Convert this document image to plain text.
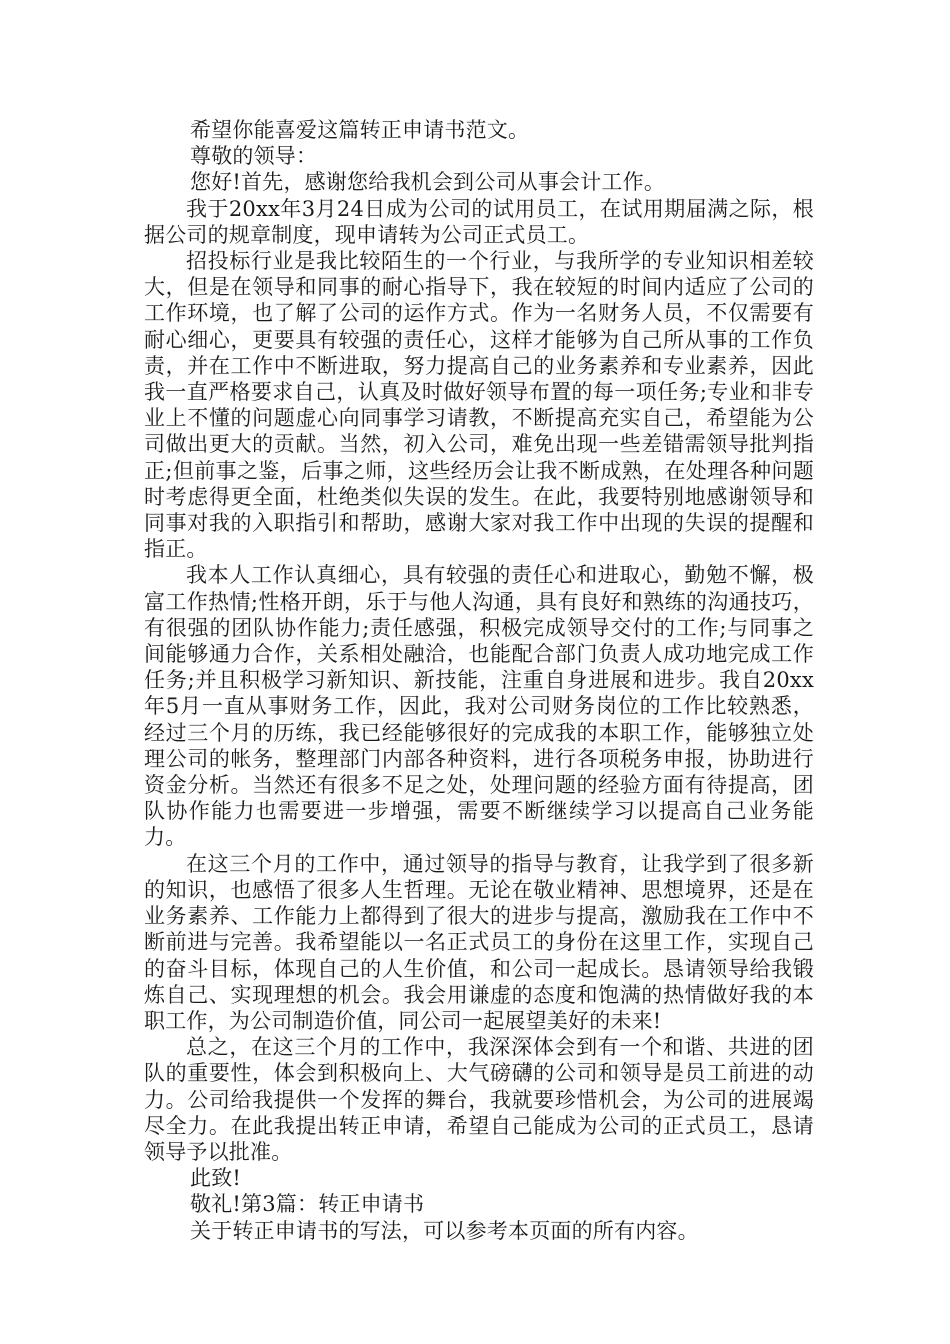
希望你能喜爱这篇转正申请书范文。

尊敬的领导：

您好!首先，感谢您给我机会到公司从事会计工作。

我于20xx年3月24日成为公司的试用员工，在试用期届满之际，根据公司的规章制度，现申请转为公司正式员工。

招投标行业是我比较陌生的一个行业，与我所学的专业知识相差较大，但是在领导和同事的耐心指导下，我在较短的时间内适应了公司的工作环境，也了解了公司的运作方式。作为一名财务人员，不仅需要有耐心细心，更要具有较强的责任心，这样才能够为自己所从事的工作负责，并在工作中不断进取，努力提高自己的业务素养和专业素养，因此我一直严格要求自己，认真及时做好领导布置的每一项任务;专业和非专业上不懂的问题虚心向同事学习请教，不断提高充实自己，希望能为公司做出更大的贡献。当然，初入公司，难免出现一些差错需领导批判指正;但前事之鉴，后事之师，这些经历会让我不断成熟，在处理各种问题时考虑得更全面，杜绝类似失误的发生。在此，我要特别地感谢领导和同事对我的入职指引和帮助，感谢大家对我工作中出现的失误的提醒和指正。

我本人工作认真细心，具有较强的责任心和进取心，勤勉不懈，极富工作热情;性格开朗，乐于与他人沟通，具有良好和熟练的沟通技巧，有很强的团队协作能力;责任感强，积极完成领导交付的工作;与同事之间能够通力合作，关系相处融洽，也能配合部门负责人成功地完成工作任务;并且积极学习新知识、新技能，注重自身进展和进步。我自20xx年5月一直从事财务工作，因此，我对公司财务岗位的工作比较熟悉，经过三个月的历练，我已经能够很好的完成我的本职工作，能够独立处理公司的帐务，整理部门内部各种资料，进行各项税务申报，协助进行资金分析。当然还有很多不足之处，处理问题的经验方面有待提高，团队协作能力也需要进一步增强，需要不断继续学习以提高自己业务能力。

在这三个月的工作中，通过领导的指导与教育，让我学到了很多新的知识，也感悟了很多人生哲理。无论在敬业精神、思想境界，还是在业务素养、工作能力上都得到了很大的进步与提高，激励我在工作中不断前进与完善。我希望能以一名正式员工的身份在这里工作，实现自己的奋斗目标，体现自己的人生价值，和公司一起成长。恳请领导给我锻炼自己、实现理想的机会。我会用谦虚的态度和饱满的热情做好我的本职工作，为公司制造价值，同公司一起展望美好的未来!

总之，在这三个月的工作中，我深深体会到有一个和谐、共进的团队的重要性，体会到积极向上、大气磅礴的公司和领导是员工前进的动力。公司给我提供一个发挥的舞台，我就要珍惜机会，为公司的进展竭尽全力。在此我提出转正申请，希望自己能成为公司的正式员工，恳请领导予以批准。

此致!

敬礼!第3篇：转正申请书

关于转正申请书的写法，可以参考本页面的所有内容。
